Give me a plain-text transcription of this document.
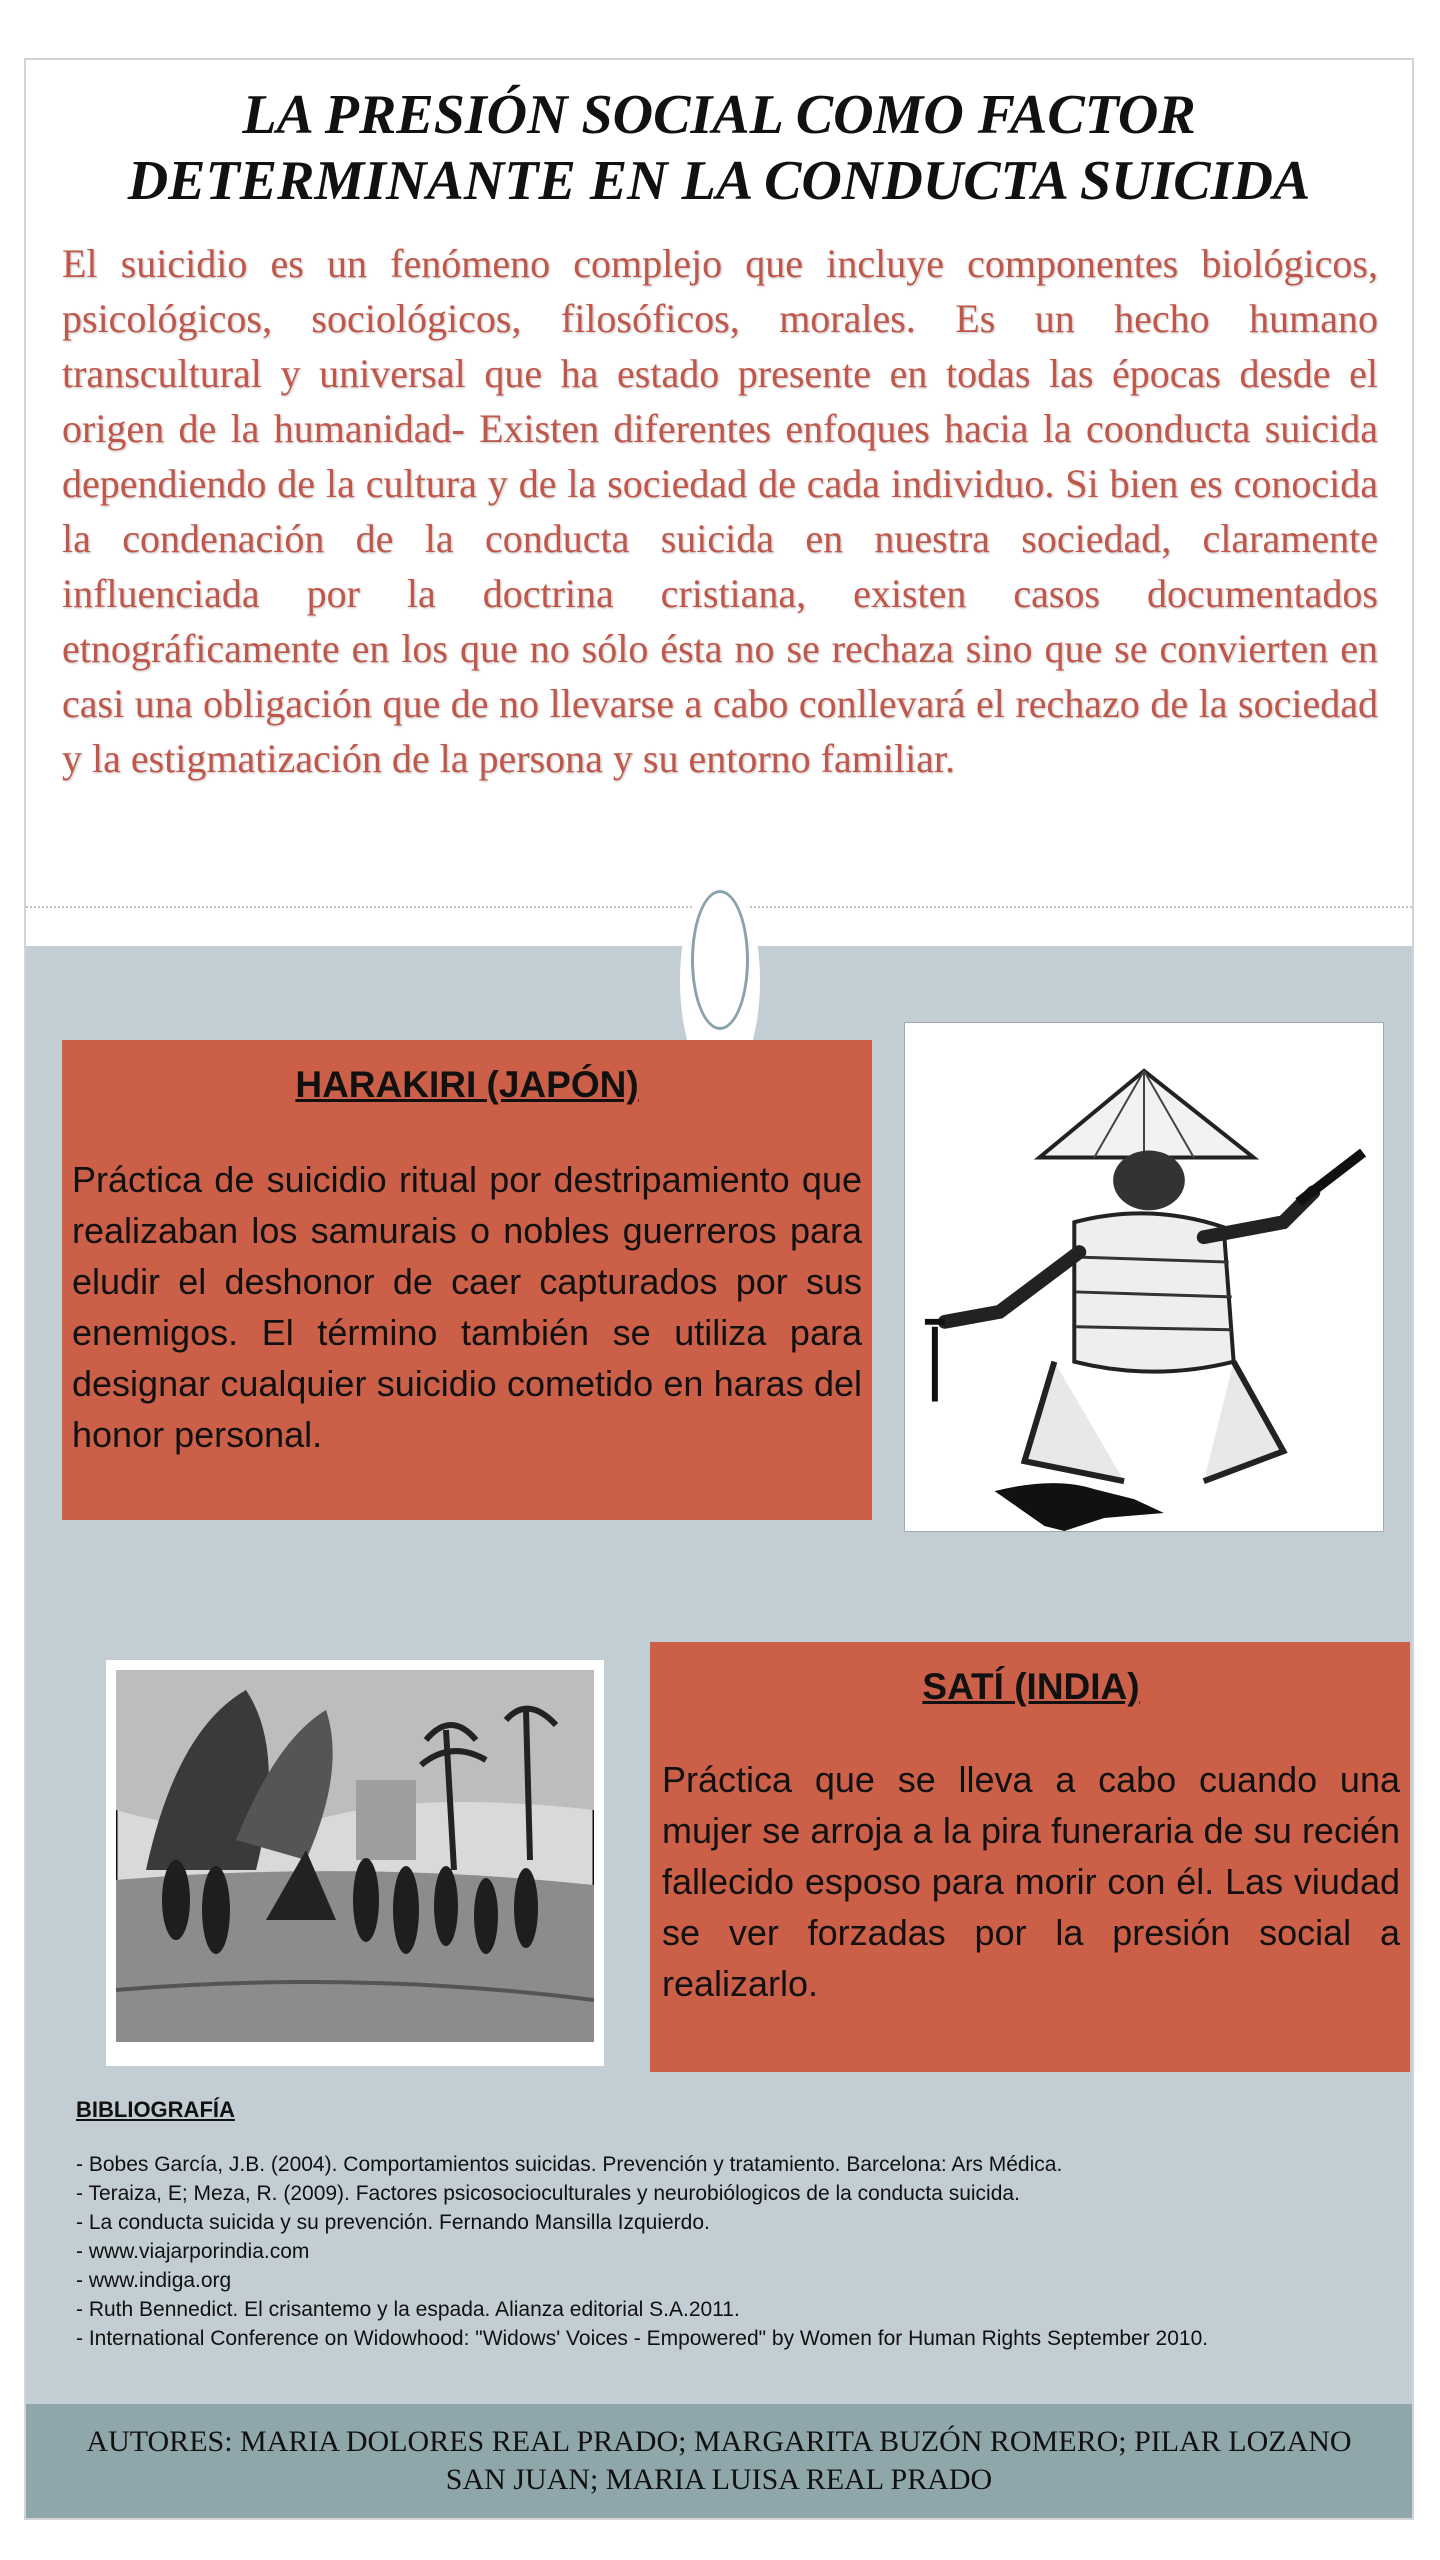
LA PRESIÓN SOCIAL COMO FACTOR
DETERMINANTE EN LA CONDUCTA SUICIDA

El suicidio es un fenómeno complejo que incluye componentes biológicos, psicológicos, sociológicos, filosóficos, morales. Es un hecho humano transcultural y universal que ha estado presente en todas las épocas desde el origen de la humanidad- Existen diferentes enfoques hacia la coonducta suicida dependiendo de la cultura y de la sociedad de cada individuo. Si bien es conocida la condenación de la conducta suicida en nuestra sociedad, claramente influenciada por la doctrina cristiana, existen casos documentados etnográficamente en los que no sólo ésta no se rechaza sino que se convierten en casi una obligación que de no llevarse a cabo conllevará el rechazo de la sociedad y la estigmatización de la persona y su entorno familiar.

HARAKIRI (JAPÓN)

Práctica de suicidio ritual por destripamiento que realizaban los samurais o nobles guerreros para eludir el deshonor de caer capturados por sus enemigos. El término también se utiliza para designar cualquier suicidio cometido en haras del honor personal.

SATÍ (INDIA)

Práctica que se lleva a cabo cuando una mujer se arroja a la pira funeraria de su recién fallecido esposo para morir con él. Las viudad se ver forzadas por la presión social a realizarlo.

BIBLIOGRAFÍA
- Bobes García, J.B. (2004). Comportamientos suicidas. Prevención y tratamiento. Barcelona: Ars Médica.
- Teraiza, E; Meza, R. (2009). Factores psicosocioculturales y neurobiólogicos de la conducta suicida.
- La conducta suicida y su prevención. Fernando Mansilla Izquierdo.
- www.viajarporindia.com
- www.indiga.org
- Ruth Bennedict. El crisantemo y la espada. Alianza editorial S.A.2011.
- International Conference on Widowhood: "Widows' Voices - Empowered" by Women for Human Rights September 2010.

AUTORES: MARIA DOLORES REAL PRADO; MARGARITA BUZÓN ROMERO; PILAR LOZANO SAN JUAN; MARIA LUISA REAL PRADO
